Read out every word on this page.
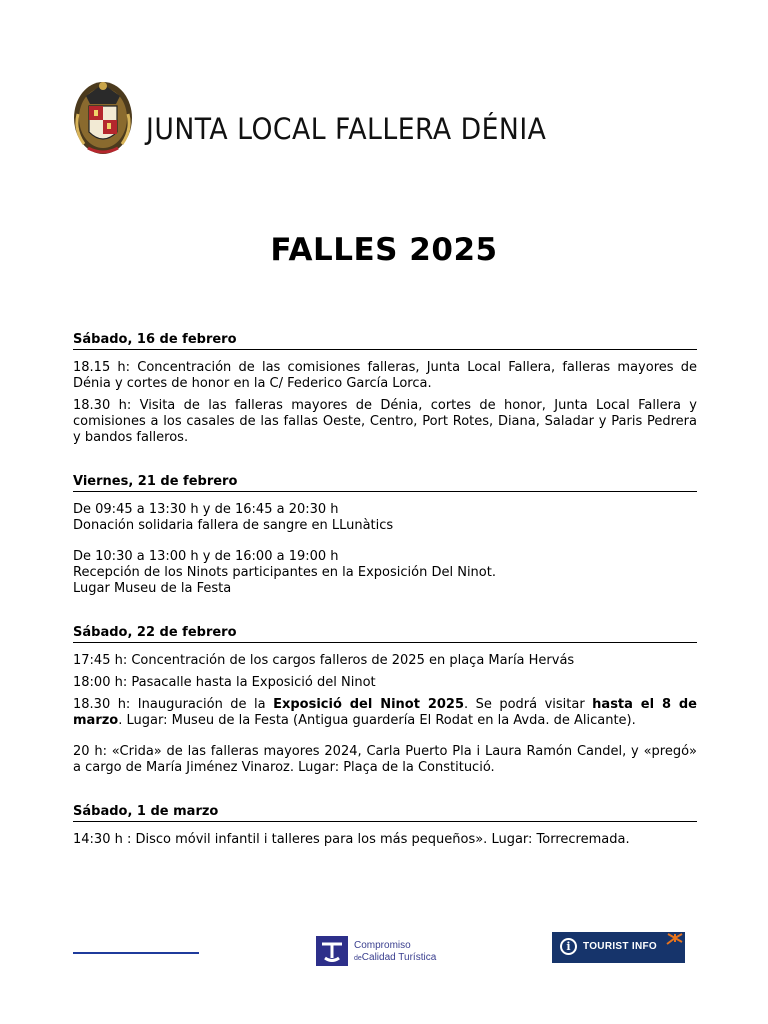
JUNTA LOCAL FALLERA DÉNIA
FALLES 2025
Sábado, 16 de febrero
18.15 h: Concentración de las comisiones falleras, Junta Local Fallera, falleras mayores de Dénia y cortes de honor en la C/ Federico García Lorca.
18.30 h: Visita de las falleras mayores de Dénia, cortes de honor, Junta Local Fallera y comisiones a los casales de las fallas Oeste, Centro, Port Rotes, Diana, Saladar y Paris Pedrera y bandos falleros.
Viernes, 21 de febrero
De 09:45 a 13:30 h y de 16:45 a 20:30 h
Donación solidaria fallera de sangre en LLunàtics
De 10:30 a 13:00 h y de 16:00 a 19:00 h
Recepción de los Ninots participantes en la Exposición Del Ninot.
Lugar Museu de la Festa
Sábado, 22 de febrero
17:45 h: Concentración de los cargos falleros de 2025 en plaça María Hervás
18:00 h: Pasacalle hasta la Exposició del Ninot
18.30 h: Inauguración de la Exposició del Ninot 2025. Se podrá visitar hasta el 8 de marzo. Lugar: Museu de la Festa (Antigua guardería El Rodat en la Avda. de Alicante).
20 h: «Crida» de las falleras mayores 2024, Carla Puerto Pla i Laura Ramón Candel, y «pregó» a cargo de María Jiménez Vinaroz. Lugar: Plaça de la Constitució.
Sábado, 1 de marzo
14:30 h : Disco móvil infantil i talleres para los más pequeños». Lugar: Torrecremada.
Compromiso
deCalidad Turística
i	TOURIST INFO
